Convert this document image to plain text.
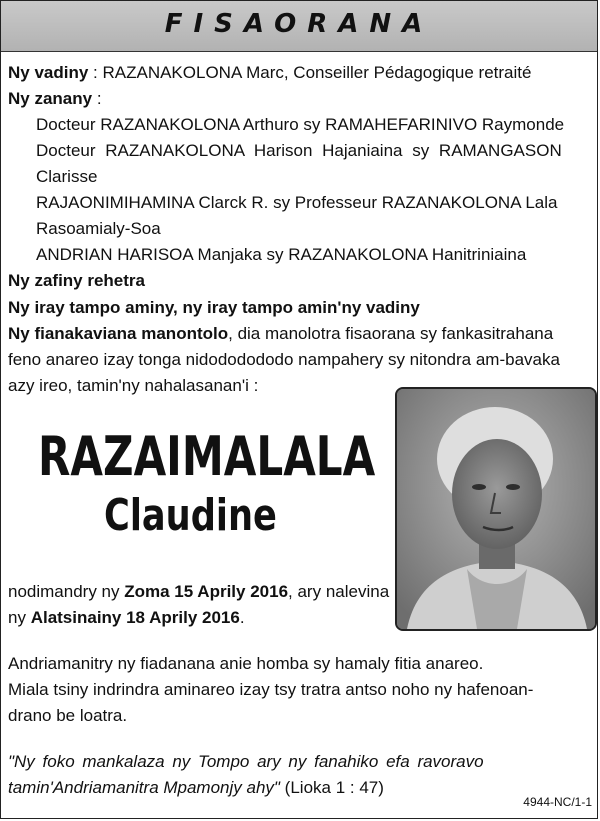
FISAORANA
Ny vadiny : RAZANAKOLONA Marc, Conseiller Pédagogique retraité
Ny zanany :
Docteur RAZANAKOLONA Arthuro sy RAMAHEFARINIVO Raymonde
Docteur RAZANAKOLONA Harison Hajaniaina sy RAMANGASON
Clarisse
RAJAONIMIHAMINA Clarck R. sy Professeur RAZANAKOLONA Lala
Rasoamialy-Soa
ANDRIAN HARISOA Manjaka sy RAZANAKOLONA Hanitriniaina
Ny zafiny rehetra
Ny iray tampo aminy, ny iray tampo amin'ny vadiny
Ny fianakaviana manontolo, dia manolotra fisaorana sy fankasitrahana
feno anareo izay tonga nidododododo nampahery sy nitondra am-bavaka
azy ireo, tamin'ny nahalasanan'i :
RAZAIMALALA
Claudine
nodimandry ny Zoma 15 Aprily 2016, ary nalevina
ny Alatsinainy 18 Aprily 2016.
Andriamanitry ny fiadanana anie homba sy hamaly fitia anareo.
Miala tsiny indrindra aminareo izay tsy tratra antso noho ny hafenoan-
drano be loatra.
"Ny foko mankalaza ny Tompo ary ny fanahiko efa ravoravo
tamin'Andriamanitra Mpamonjy ahy" (Lioka 1 : 47)
4944-NC/1-1
